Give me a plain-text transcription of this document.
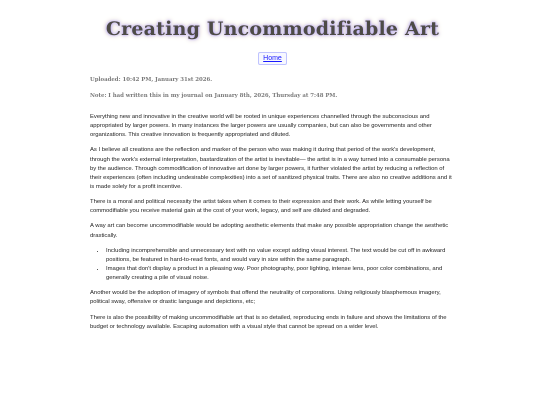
Creating Uncommodifiable Art
Home

Uploaded: 10:42 PM, January 31st 2026.

Note: I had written this in my journal on January 8th, 2026, Thursday at 7:48 PM.

Everything new and innovative in the creative world will be rooted in unique experiences channelled through the subconscious and appropriated by larger powers. In many instances the larger powers are usually companies, but can also be governments and other organizations. This creative innovation is frequently appropriated and diluted.

As I believe all creations are the reflection and marker of the person who was making it during that period of the work's development, through the work's external interpretation, bastardization of the artist is inevitable— the artist is in a way turned into a consumable persona by the audience. Through commodification of innovative art done by larger powers, it further violated the artist by reducing a reflection of their experiences (often including undesirable complexities) into a set of sanitized physical traits. There are also no creative additions and it is made solely for a profit incentive.

There is a moral and political necessity the artist takes when it comes to their expression and their work. As while letting yourself be commodifiable you receive material gain at the cost of your work, legacy, and self are diluted and degraded.

A way art can become uncommodifiable would be adopting aesthetic elements that make any possible appropriation change the aesthetic drastically.

• Including incomprehensible and unnecessary text with no value except adding visual interest. The text would be cut off in awkward positions, be featured in hard-to-read fonts, and would vary in size within the same paragraph.
• Images that don't display a product in a pleasing way. Poor photography, poor lighting, intense lens, poor color combinations, and generally creating a pile of visual noise.

Another would be the adoption of imagery of symbols that offend the neutrality of corporations. Using religiously blasphemous imagery, political sway, offensive or drastic language and depictions, etc;

There is also the possibility of making uncommodifiable art that is so detailed, reproducing ends in failure and shows the limitations of the budget or technology available. Escaping automation with a visual style that cannot be spread on a wider level.
